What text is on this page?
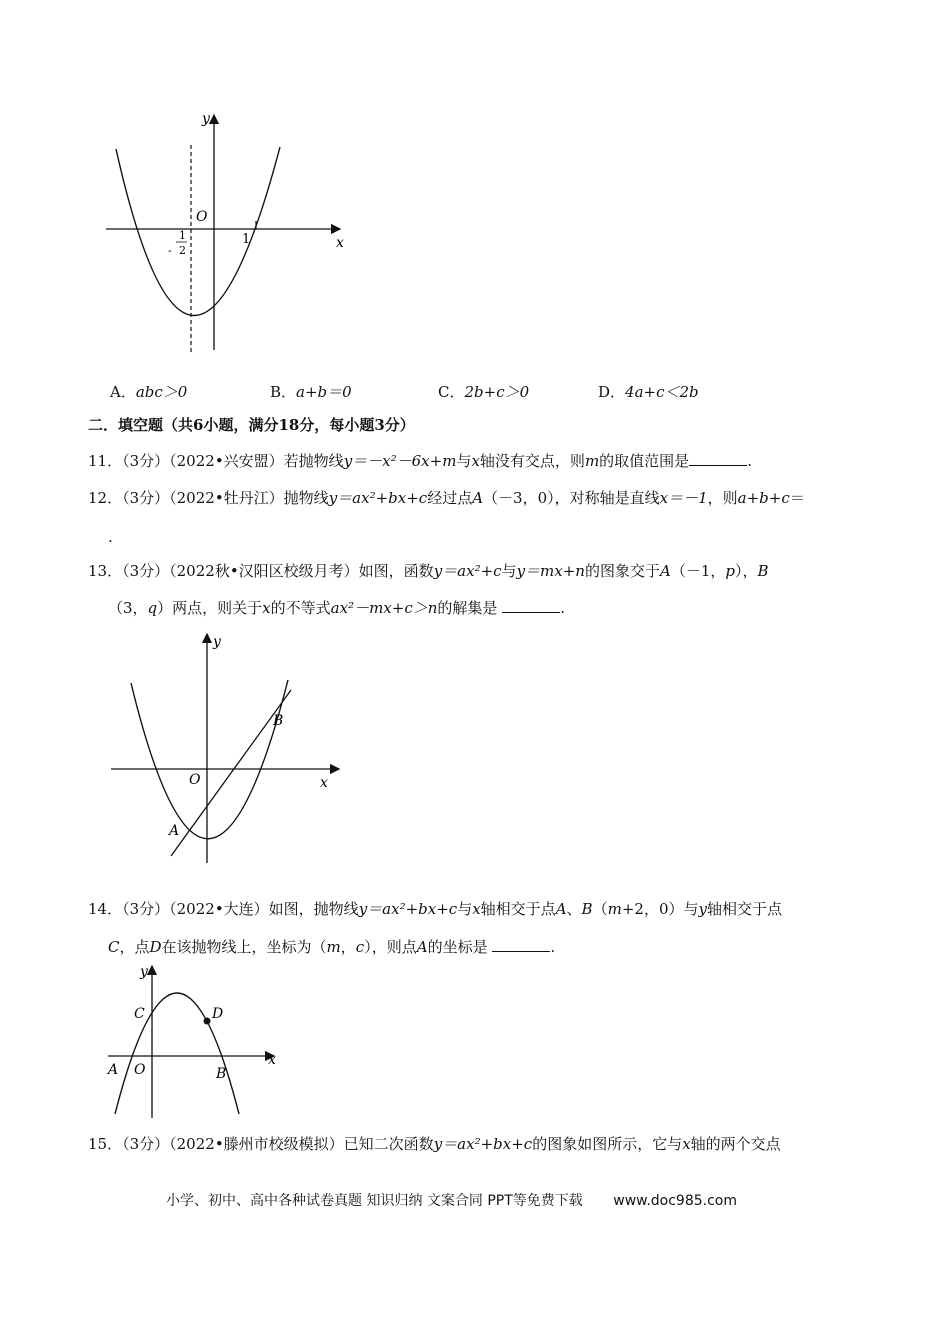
y
x
O
1
1
- 2
A．abc＞0	B．a+b＝0	C．2b+c＞0	D．4a+c＜2b
二．填空题（共6小题，满分18分，每小题3分）
11．（3分）（2022•兴安盟）若抛物线y＝－x²－6x+m与x轴没有交点，则m的取值范围是	.
12．（3分）（2022•牡丹江）抛物线y＝ax²+bx+c经过点A（－3，0），对称轴是直线x＝－1，则a+b+c＝
.
13．（3分）（2022秋•汉阳区校级月考）如图，函数y＝ax²+c与y＝mx+n的图象交于A（－1，p），B
（3，q）两点，则关于x的不等式ax²－mx+c＞n的解集是	.
y
x
O
A
B
14．（3分）（2022•大连）如图，抛物线y＝ax²+bx+c与x轴相交于点A、B（m+2，0）与y轴相交于点
C，点D在该抛物线上，坐标为（m，c），则点A的坐标是	.
y
x
O
A	B
C	D
15．（3分）（2022•滕州市校级模拟）已知二次函数y＝ax²+bx+c的图象如图所示，它与x轴的两个交点
小学、初中、高中各种试卷真题 知识归纳 文案合同 PPT等免费下载 www.doc985.com
